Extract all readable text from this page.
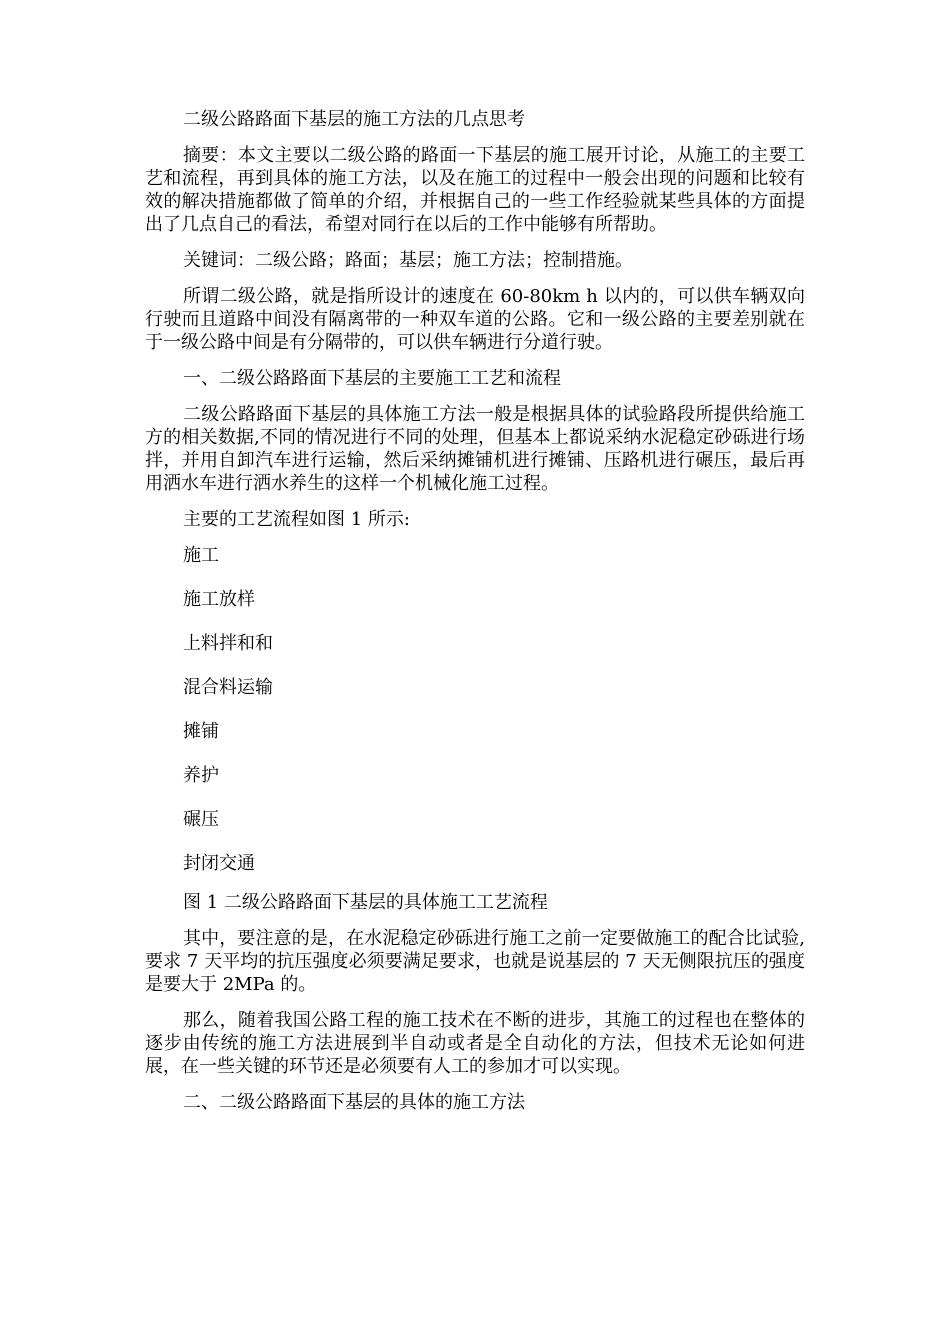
二级公路路面下基层的施工方法的几点思考

摘要：本文主要以二级公路的路面一下基层的施工展开讨论，从施工的主要工艺和流程，再到具体的施工方法，以及在施工的过程中一般会出现的问题和比较有效的解决措施都做了简单的介绍，并根据自己的一些工作经验就某些具体的方面提出了几点自己的看法，希望对同行在以后的工作中能够有所帮助。

关键词：二级公路；路面；基层；施工方法；控制措施。

所谓二级公路，就是指所设计的速度在 60-80km h 以内的，可以供车辆双向行驶而且道路中间没有隔离带的一种双车道的公路。它和一级公路的主要差别就在于一级公路中间是有分隔带的，可以供车辆进行分道行驶。

一、二级公路路面下基层的主要施工工艺和流程

二级公路路面下基层的具体施工方法一般是根据具体的试验路段所提供给施工方的相关数据,不同的情况进行不同的处理，但基本上都说采纳水泥稳定砂砾进行场拌，并用自卸汽车进行运输，然后采纳摊铺机进行摊铺、压路机进行碾压，最后再用洒水车进行洒水养生的这样一个机械化施工过程。

主要的工艺流程如图 1 所示:

施工

施工放样

上料拌和和

混合料运输

摊铺

养护

碾压

封闭交通

图 1 二级公路路面下基层的具体施工工艺流程

其中，要注意的是，在水泥稳定砂砾进行施工之前一定要做施工的配合比试验,要求 7 天平均的抗压强度必须要满足要求，也就是说基层的 7 天无侧限抗压的强度是要大于 2MPa 的。

那么，随着我国公路工程的施工技术在不断的进步，其施工的过程也在整体的逐步由传统的施工方法进展到半自动或者是全自动化的方法，但技术无论如何进展，在一些关键的环节还是必须要有人工的参加才可以实现。

二、二级公路路面下基层的具体的施工方法
